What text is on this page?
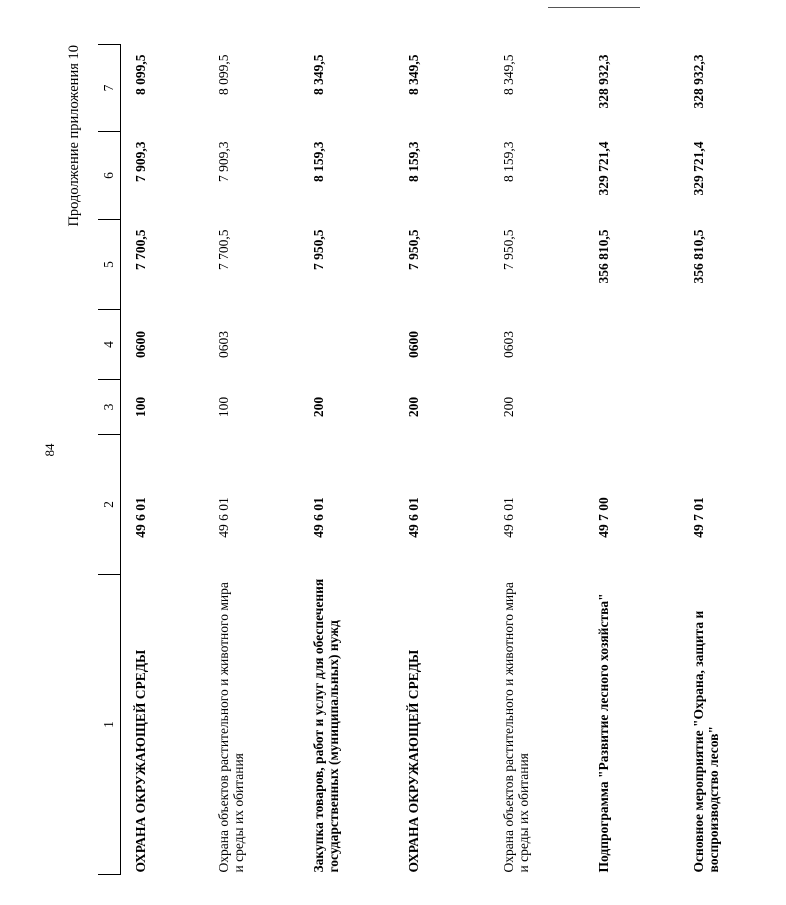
84
Продолжение приложения 10
1	2	3	4	5	6	7
ОХРАНА ОКРУЖАЮЩЕЙ СРЕДЫ	49 6 01	100	0600	7 700,5	7 909,3	8 099,5
Охрана объектов растительного и животного мира и среды их обитания	49 6 01	100	0603	7 700,5	7 909,3	8 099,5
Закупка товаров, работ и услуг для обеспечения государственных (муниципальных) нужд	49 6 01	200		7 950,5	8 159,3	8 349,5
ОХРАНА ОКРУЖАЮЩЕЙ СРЕДЫ	49 6 01	200	0600	7 950,5	8 159,3	8 349,5
Охрана объектов растительного и животного мира и среды их обитания	49 6 01	200	0603	7 950,5	8 159,3	8 349,5
Подпрограмма "Развитие лесного хозяйства"	49 7 00			356 810,5	329 721,4	328 932,3
Основное мероприятие "Охрана, защита и воспроизводство лесов"	49 7 01			356 810,5	329 721,4	328 932,3
